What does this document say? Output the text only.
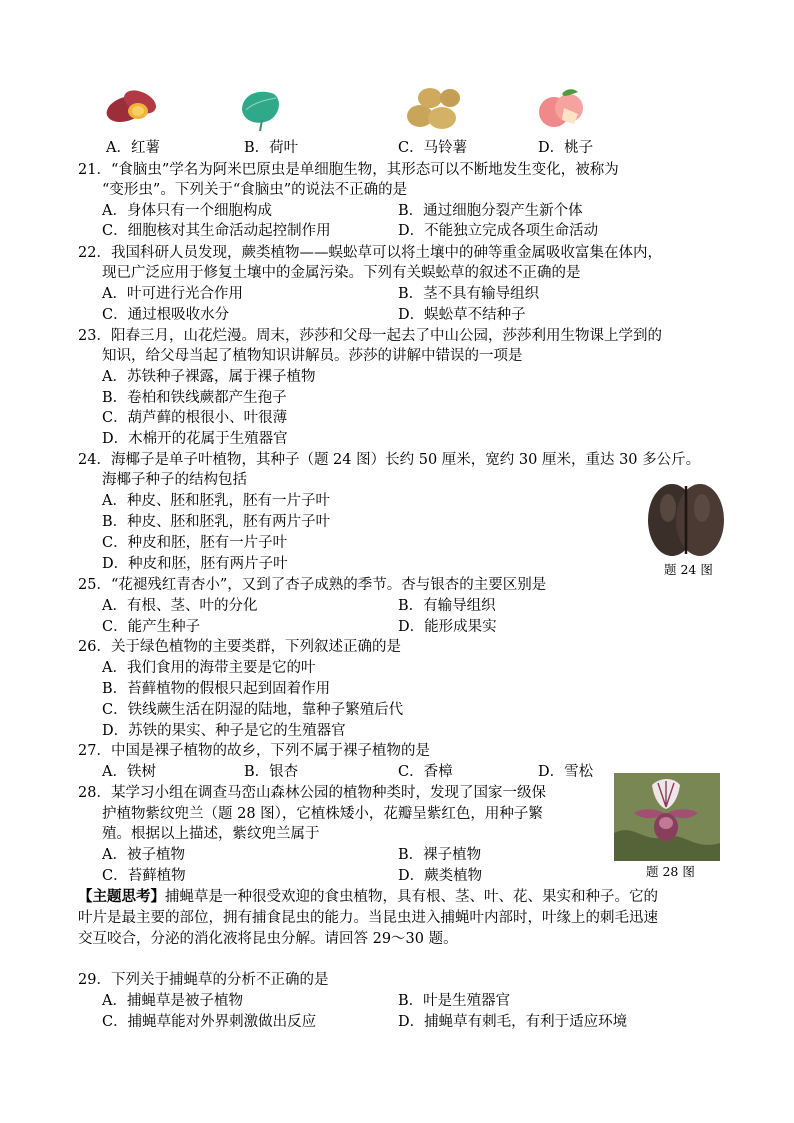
A．红薯	B．荷叶	C．马铃薯	D．桃子
21．“食脑虫”学名为阿米巴原虫是单细胞生物，其形态可以不断地发生变化，被称为
“变形虫”。下列关于“食脑虫”的说法不正确的是
A．身体只有一个细胞构成	B．通过细胞分裂产生新个体
C．细胞核对其生命活动起控制作用	D．不能独立完成各项生命活动
22．我国科研人员发现，蕨类植物——蜈蚣草可以将土壤中的砷等重金属吸收富集在体内，
现已广泛应用于修复土壤中的金属污染。下列有关蜈蚣草的叙述不正确的是
A．叶可进行光合作用	B．茎不具有输导组织
C．通过根吸收水分	D．蜈蚣草不结种子
23．阳春三月，山花烂漫。周末，莎莎和父母一起去了中山公园，莎莎利用生物课上学到的
知识，给父母当起了植物知识讲解员。莎莎的讲解中错误的一项是
A．苏铁种子裸露，属于裸子植物
B．卷柏和铁线蕨都产生孢子
C．葫芦藓的根很小、叶很薄
D．木棉开的花属于生殖器官
24．海椰子是单子叶植物，其种子（题 24 图）长约 50 厘米，宽约 30 厘米，重达 30 多公斤。
海椰子种子的结构包括
A．种皮、胚和胚乳，胚有一片子叶
B．种皮、胚和胚乳，胚有两片子叶
C．种皮和胚，胚有一片子叶
D．种皮和胚，胚有两片子叶	题 24 图
25．“花褪残红青杏小”，又到了杏子成熟的季节。杏与银杏的主要区别是
A．有根、茎、叶的分化	B．有输导组织
C．能产生种子	D．能形成果实
26．关于绿色植物的主要类群，下列叙述正确的是
A．我们食用的海带主要是它的叶
B．苔藓植物的假根只起到固着作用
C．铁线蕨生活在阴湿的陆地，靠种子繁殖后代
D．苏铁的果实、种子是它的生殖器官
27．中国是裸子植物的故乡，下列不属于裸子植物的是
A．铁树	B．银杏	C．香樟	D．雪松
28．某学习小组在调查马峦山森林公园的植物种类时，发现了国家一级保
护植物紫纹兜兰（题 28 图），它植株矮小，花瓣呈紫红色，用种子繁
殖。根据以上描述，紫纹兜兰属于
A．被子植物	B．裸子植物
C．苔藓植物	D．蕨类植物	题 28 图
【主题思考】捕蝇草是一种很受欢迎的食虫植物，具有根、茎、叶、花、果实和种子。它的
叶片是最主要的部位，拥有捕食昆虫的能力。当昆虫进入捕蝇叶内部时，叶缘上的刺毛迅速
交互咬合，分泌的消化液将昆虫分解。请回答 29～30 题。
29．下列关于捕蝇草的分析不正确的是
A．捕蝇草是被子植物	B．叶是生殖器官
C．捕蝇草能对外界刺激做出反应	D．捕蝇草有刺毛，有利于适应环境
